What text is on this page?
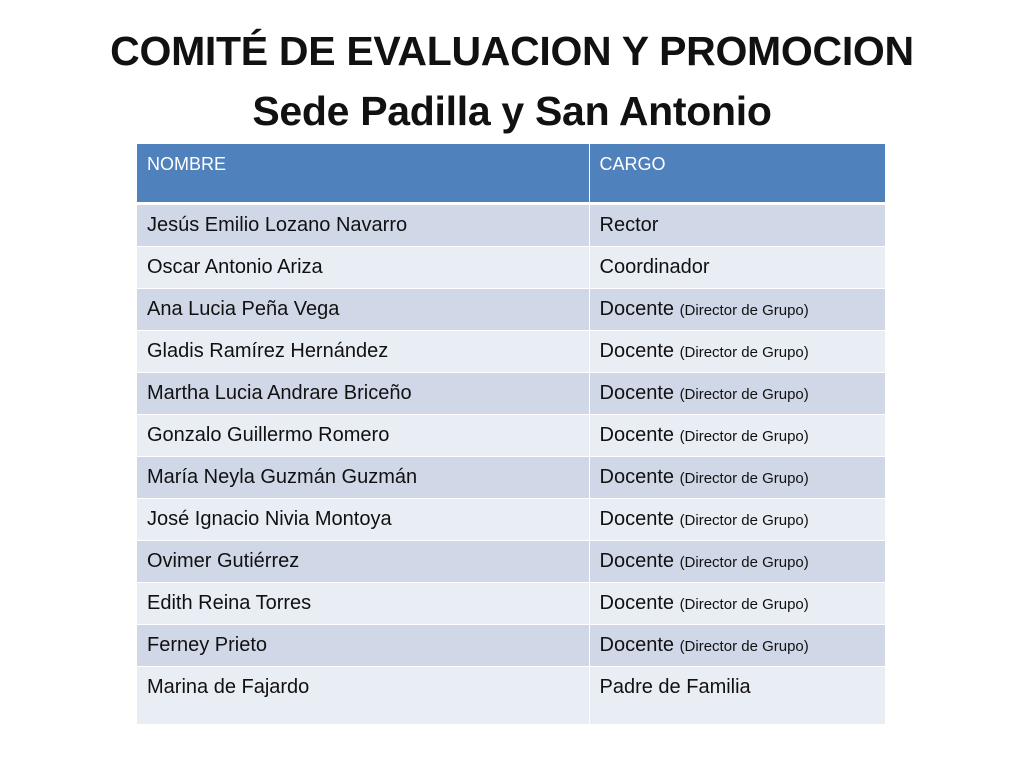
COMITÉ DE EVALUACION Y PROMOCION
Sede Padilla y San Antonio
NOMBRE	CARGO
Jesús Emilio Lozano Navarro	Rector
Oscar Antonio Ariza	Coordinador
Ana Lucia Peña Vega	Docente (Director de Grupo)
Gladis Ramírez Hernández	Docente (Director de Grupo)
Martha Lucia Andrare Briceño	Docente (Director de Grupo)
Gonzalo Guillermo Romero	Docente (Director de Grupo)
María Neyla Guzmán Guzmán	Docente (Director de Grupo)
José Ignacio Nivia Montoya	Docente (Director de Grupo)
Ovimer Gutiérrez	Docente (Director de Grupo)
Edith Reina Torres	Docente (Director de Grupo)
Ferney Prieto	Docente (Director de Grupo)
Marina de Fajardo	Padre de Familia
